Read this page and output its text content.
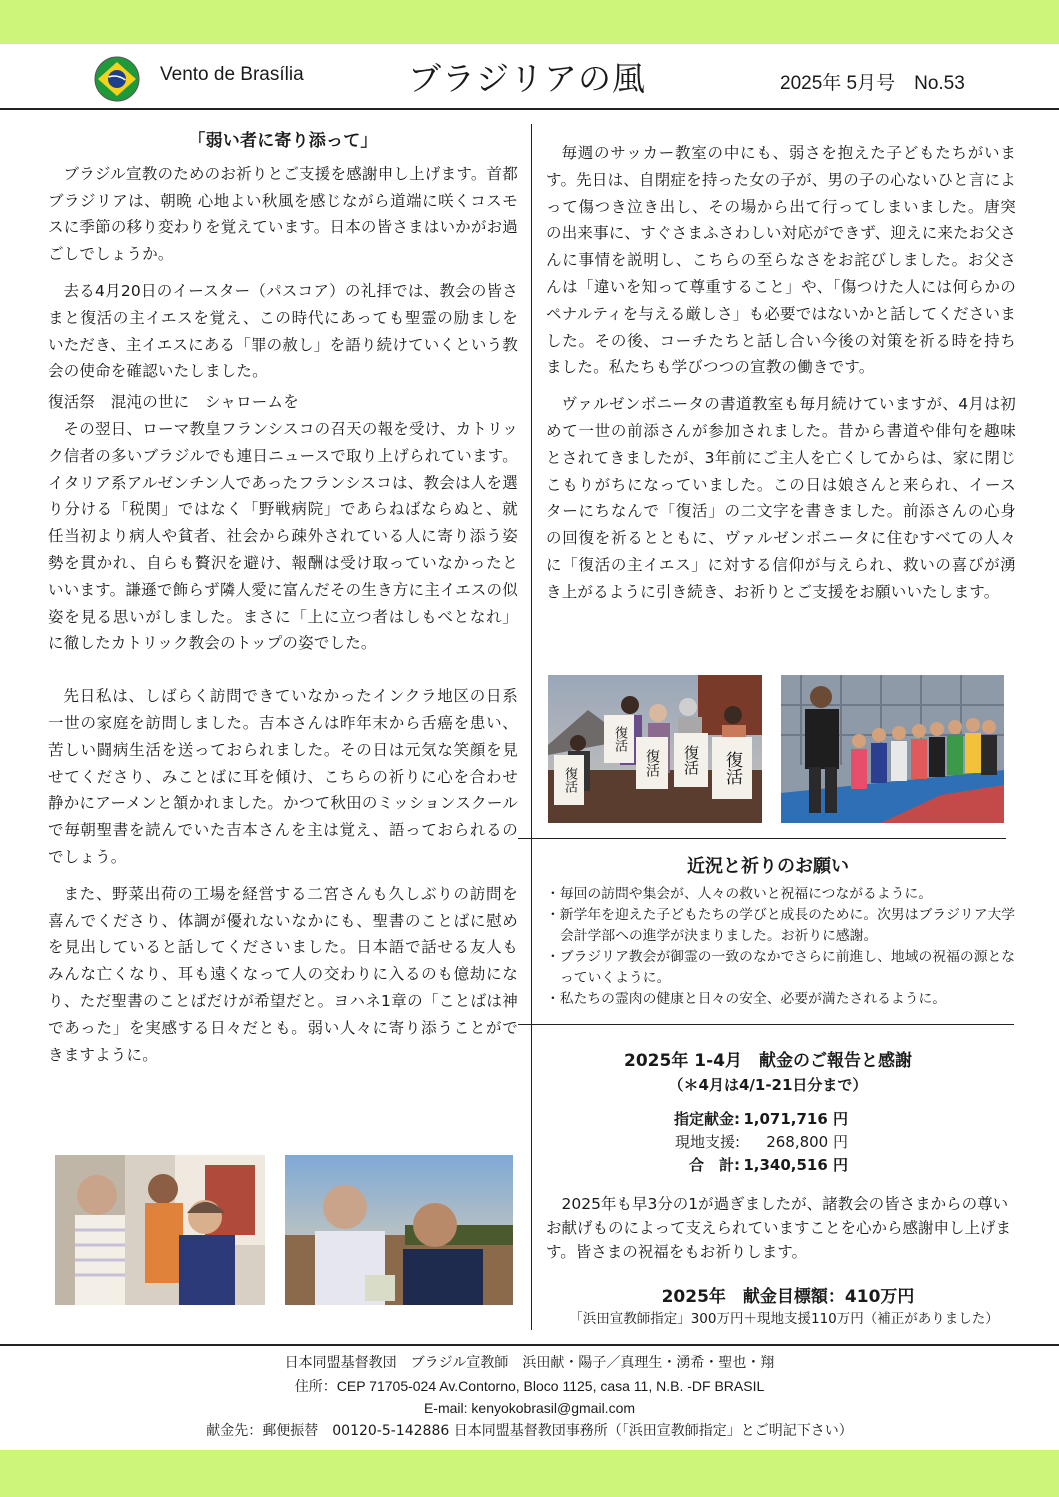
Vento de Brasília	ブラジリアの風	2025年 5月号　No.53
「弱い者に寄り添って」

ブラジル宣教のためのお祈りとご支援を感謝申し上げます。首都ブラジリアは、朝晩 心地よい秋風を感じながら道端に咲くコスモスに季節の移り変わりを覚えています。日本の皆さまはいかがお過ごしでしょうか。

去る4月20日のイースター（パスコア）の礼拝では、教会の皆さまと復活の主イエスを覚え、この時代にあっても聖霊の励ましをいただき、主イエスにある「罪の赦し」を語り続けていくという教会の使命を確認いたしました。

復活祭　混沌の世に　シャロームを

その翌日、ローマ教皇フランシスコの召天の報を受け、カトリック信者の多いブラジルでも連日ニュースで取り上げられています。イタリア系アルゼンチン人であったフランシスコは、教会は人を選り分ける「税関」ではなく「野戦病院」であらねばならぬと、就任当初より病人や貧者、社会から疎外されている人に寄り添う姿勢を貫かれ、自らも贅沢を避け、報酬は受け取っていなかったといいます。謙遜で飾らず隣人愛に富んだその生き方に主イエスの似姿を見る思いがしました。まさに「上に立つ者はしもべとなれ」に徹したカトリック教会のトップの姿でした。

先日私は、しばらく訪問できていなかったインクラ地区の日系一世の家庭を訪問しました。吉本さんは昨年末から舌癌を患い、苦しい闘病生活を送っておられました。その日は元気な笑顔を見せてくださり、みことばに耳を傾け、こちらの祈りに心を合わせ静かにアーメンと頷かれました。かつて秋田のミッションスクールで毎朝聖書を読んでいた吉本さんを主は覚え、語っておられるのでしょう。

また、野菜出荷の工場を経営する二宮さんも久しぶりの訪問を喜んでくださり、体調が優れないなかにも、聖書のことばに慰めを見出していると話してくださいました。日本語で話せる友人もみんな亡くなり、耳も遠くなって人の交わりに入るのも億劫になり、ただ聖書のことばだけが希望だと。ヨハネ1章の「ことばは神であった」を実感する日々だとも。弱い人々に寄り添うことができますように。

毎週のサッカー教室の中にも、弱さを抱えた子どもたちがいます。先日は、自閉症を持った女の子が、男の子の心ないひと言によって傷つき泣き出し、その場から出て行ってしまいました。唐突の出来事に、すぐさまふさわしい対応ができず、迎えに来たお父さんに事情を説明し、こちらの至らなさをお詫びしました。お父さんは「違いを知って尊重すること」や、「傷つけた人には何らかのペナルティを与える厳しさ」も必要ではないかと話してくださいました。その後、コーチたちと話し合い今後の対策を祈る時を持ちました。私たちも学びつつの宣教の働きです。

ヴァルゼンボニータの書道教室も毎月続けていますが、4月は初めて一世の前添さんが参加されました。昔から書道や俳句を趣味とされてきましたが、3年前にご主人を亡くしてからは、家に閉じこもりがちになっていました。この日は娘さんと来られ、イースターにちなんで「復活」の二文字を書きました。前添さんの心身の回復を祈るとともに、ヴァルゼンボニータに住むすべての人々に「復活の主イエス」に対する信仰が与えられ、救いの喜びが湧き上がるように引き続き、お祈りとご支援をお願いいたします。

復活
復活
復活	復活	復活
近況と祈りのお願い
・毎回の訪問や集会が、人々の救いと祝福につながるように。
・新学年を迎えた子どもたちの学びと成長のために。次男はブラジリア大学会計学部への進学が決まりました。お祈りに感謝。
・ブラジリア教会が御霊の一致のなかでさらに前進し、地域の祝福の源となっていくように。
・私たちの霊肉の健康と日々の安全、必要が満たされるように。
2025年 1-4月　献金のご報告と感謝
（＊4月は4/1-21日分まで）
指定献金: 1,071,716 円
現地支援:	268,800 円
合　計: 1,340,516 円
2025年も早3分の1が過ぎましたが、諸教会の皆さまからの尊いお献げものによって支えられていますことを心から感謝申し上げます。皆さまの祝福をもお祈りします。
2025年　献金目標額：410万円
「浜田宣教師指定」300万円＋現地支援110万円（補正がありました）
日本同盟基督教団　ブラジル宣教師　浜田献・陽子／真理生・湧希・聖也・翔
住所：CEP 71705-024 Av.Contorno, Bloco 1125, casa 11, N.B. -DF BRASIL
E-mail: kenyokobrasil@gmail.com
献金先：郵便振替　00120-5-142886 日本同盟基督教団事務所（「浜田宣教師指定」とご明記下さい）
